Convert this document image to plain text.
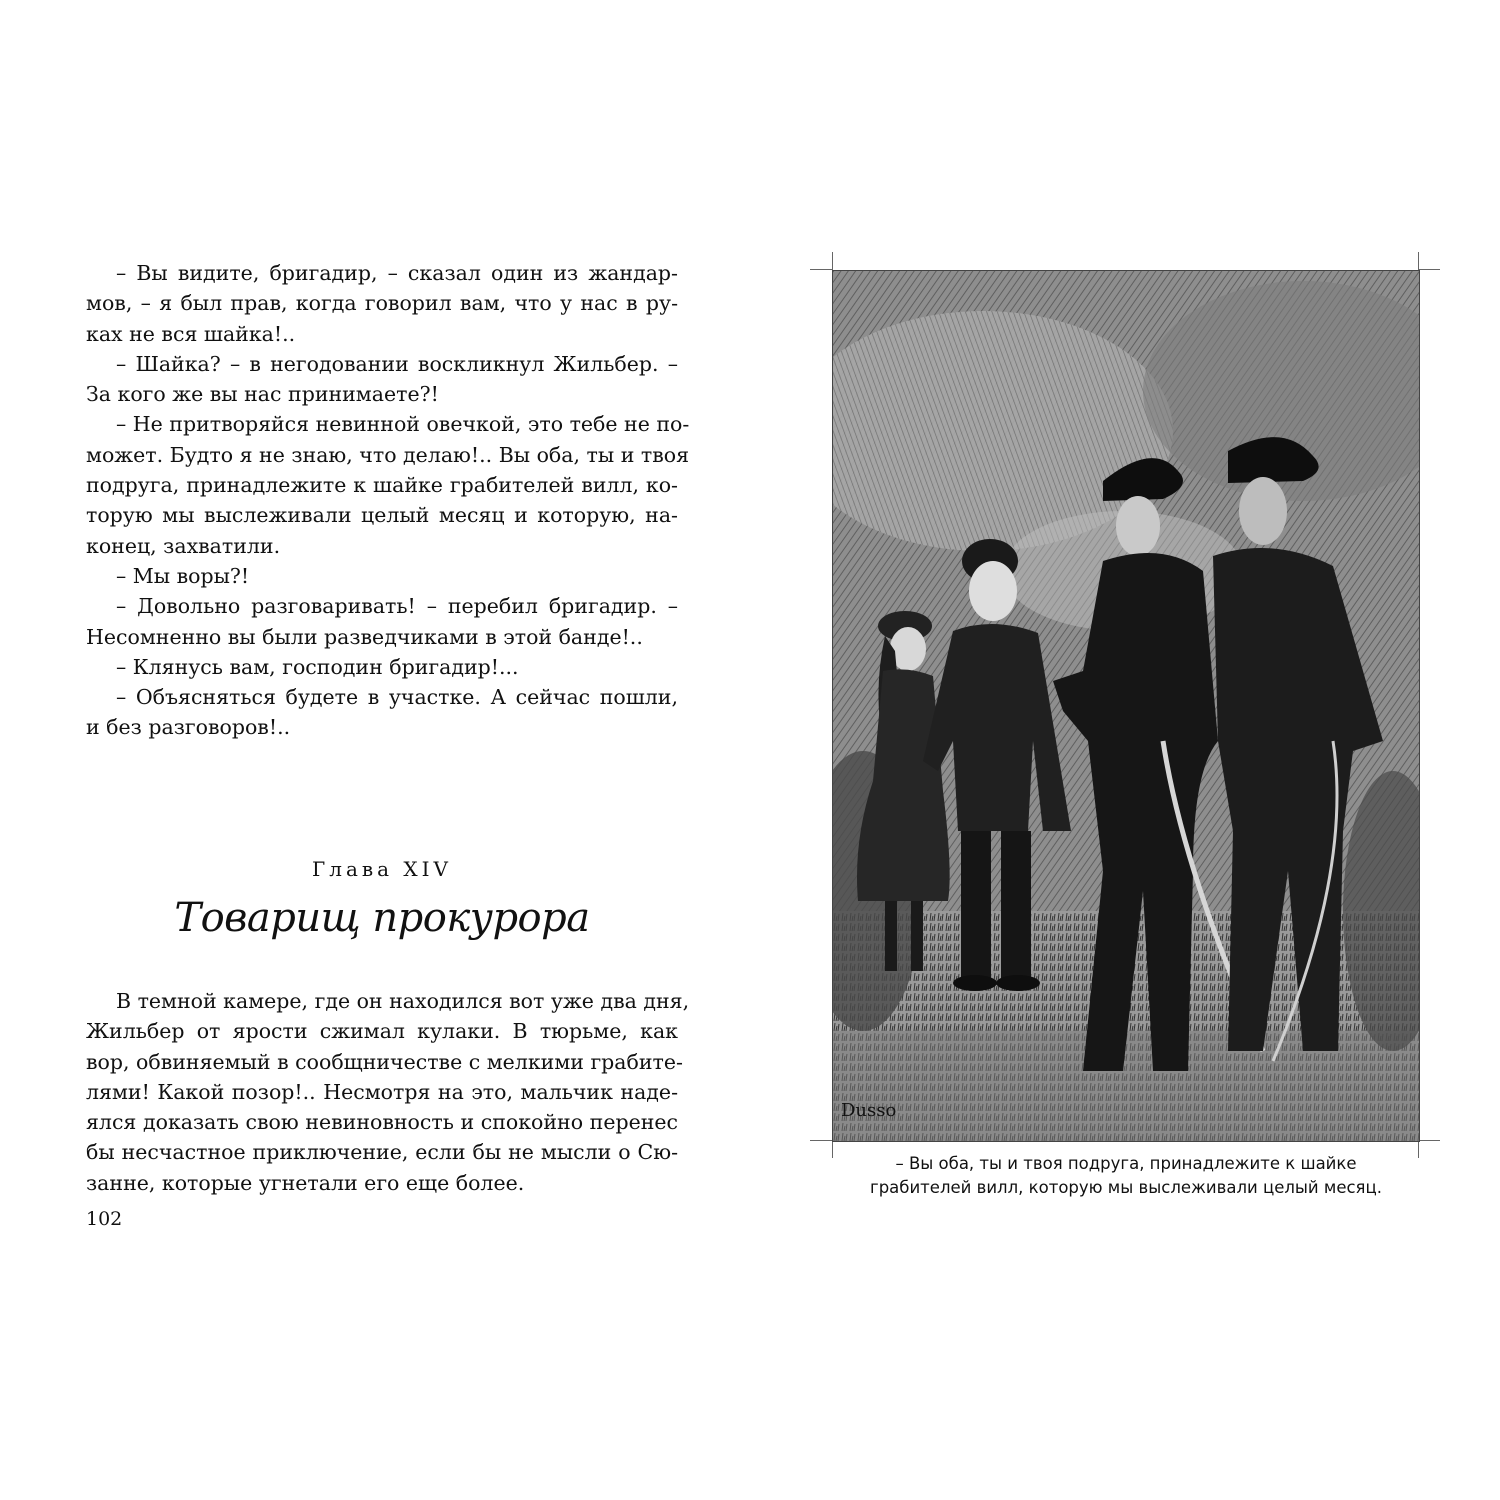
– Вы видите, бригадир, – сказал один из жандар-
мов, – я был прав, когда говорил вам, что у нас в ру-
ках не вся шайка!..
– Шайка? – в негодовании воскликнул Жильбер. –
За кого же вы нас принимаете?!
– Не притворяйся невинной овечкой, это тебе не по-
может. Будто я не знаю, что делаю!.. Вы оба, ты и твоя
подруга, принадлежите к шайке грабителей вилл, ко-
торую мы выслеживали целый месяц и которую, на-
конец, захватили.
– Мы воры?!
– Довольно разговаривать! – перебил бригадир. –
Несомненно вы были разведчиками в этой банде!..
– Клянусь вам, господин бригадир!...
– Объясняться будете в участке. А сейчас пошли,
и без разговоров!..
Глава XIV
Товарищ прокурора
В темной камере, где он находился вот уже два дня,
Жильбер от ярости сжимал кулаки. В тюрьме, как
вор, обвиняемый в сообщничестве с мелкими грабите-
лями! Какой позор!.. Несмотря на это, мальчик наде-
ялся доказать свою невиновность и спокойно перенес
бы несчастное приключение, если бы не мысли о Сю-
занне, которые угнетали его еще более.
102
Dusso
– Вы оба, ты и твоя подруга, принадлежите к шайке
грабителей вилл, которую мы выслеживали целый месяц.
